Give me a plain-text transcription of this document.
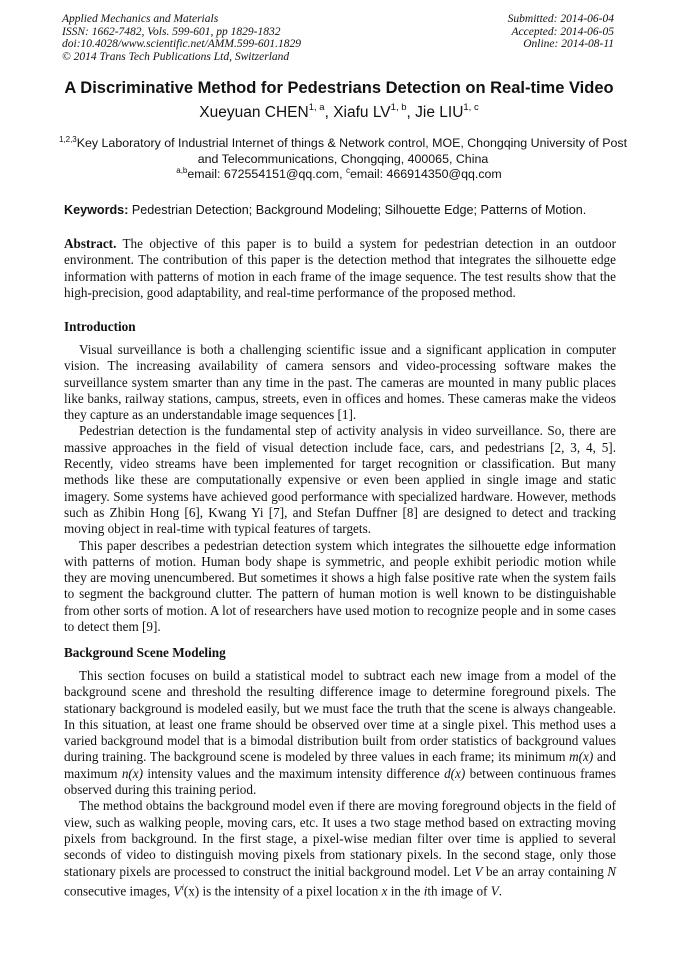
Applied Mechanics and Materials
ISSN: 1662-7482, Vols. 599-601, pp 1829-1832
doi:10.4028/www.scientific.net/AMM.599-601.1829
© 2014 Trans Tech Publications Ltd, Switzerland
Submitted: 2014-06-04
Accepted: 2014-06-05
Online: 2014-08-11
A Discriminative Method for Pedestrians Detection on Real-time Video
Xueyuan CHEN$^{1, a}$, Xiafu LV$^{1, b}$, Jie LIU$^{1, c}$
$^{1,2,3}$Key Laboratory of Industrial Internet of things & Network control, MOE, Chongqing University of Post and Telecommunications, Chongqing, 400065, China
$^{a,b}$email: 672554151@qq.com, $^c$email: 466914350@qq.com
Keywords: Pedestrian Detection; Background Modeling; Silhouette Edge; Patterns of Motion.

Abstract. The objective of this paper is to build a system for pedestrian detection in an outdoor environment. The contribution of this paper is the detection method that integrates the silhouette edge information with patterns of motion in each frame of the image sequence. The test results show that the high-precision, good adaptability, and real-time performance of the proposed method.

Introduction

Visual surveillance is both a challenging scientific issue and a significant application in computer vision. The increasing availability of camera sensors and video-processing software makes the surveillance system smarter than any time in the past. The cameras are mounted in many public places like banks, railway stations, campus, streets, even in offices and homes. These cameras make the videos they capture as an understandable image sequences [1].

Pedestrian detection is the fundamental step of activity analysis in video surveillance. So, there are massive approaches in the field of visual detection include face, cars, and pedestrians [2, 3, 4, 5]. Recently, video streams have been implemented for target recognition or classification. But many methods like these are computationally expensive or even been applied in single image and static imagery. Some systems have achieved good performance with specialized hardware. However, methods such as Zhibin Hong [6], Kwang Yi [7], and Stefan Duffner [8] are designed to detect and tracking moving object in real-time with typical features of targets.

This paper describes a pedestrian detection system which integrates the silhouette edge information with patterns of motion. Human body shape is symmetric, and people exhibit periodic motion while they are moving unencumbered. But sometimes it shows a high false positive rate when the system fails to segment the background clutter. The pattern of human motion is well known to be distinguishable from other sorts of motion. A lot of researchers have used motion to recognize people and in some cases to detect them [9].

Background Scene Modeling

This section focuses on build a statistical model to subtract each new image from a model of the background scene and threshold the resulting difference image to determine foreground pixels. The stationary background is modeled easily, but we must face the truth that the scene is always changeable. In this situation, at least one frame should be observed over time at a single pixel. This method uses a varied background model that is a bimodal distribution built from order statistics of background values during training. The background scene is modeled by three values in each frame; its minimum m(x) and maximum n(x) intensity values and the maximum intensity difference d(x) between continuous frames observed during this training period.

The method obtains the background model even if there are moving foreground objects in the field of view, such as walking people, moving cars, etc. It uses a two stage method based on extracting moving pixels from background. In the first stage, a pixel-wise median filter over time is applied to several seconds of video to distinguish moving pixels from stationary pixels. In the second stage, only those stationary pixels are processed to construct the initial background model. Let V be an array containing N consecutive images, $V^i(x)$ is the intensity of a pixel location x in the ith image of V.
